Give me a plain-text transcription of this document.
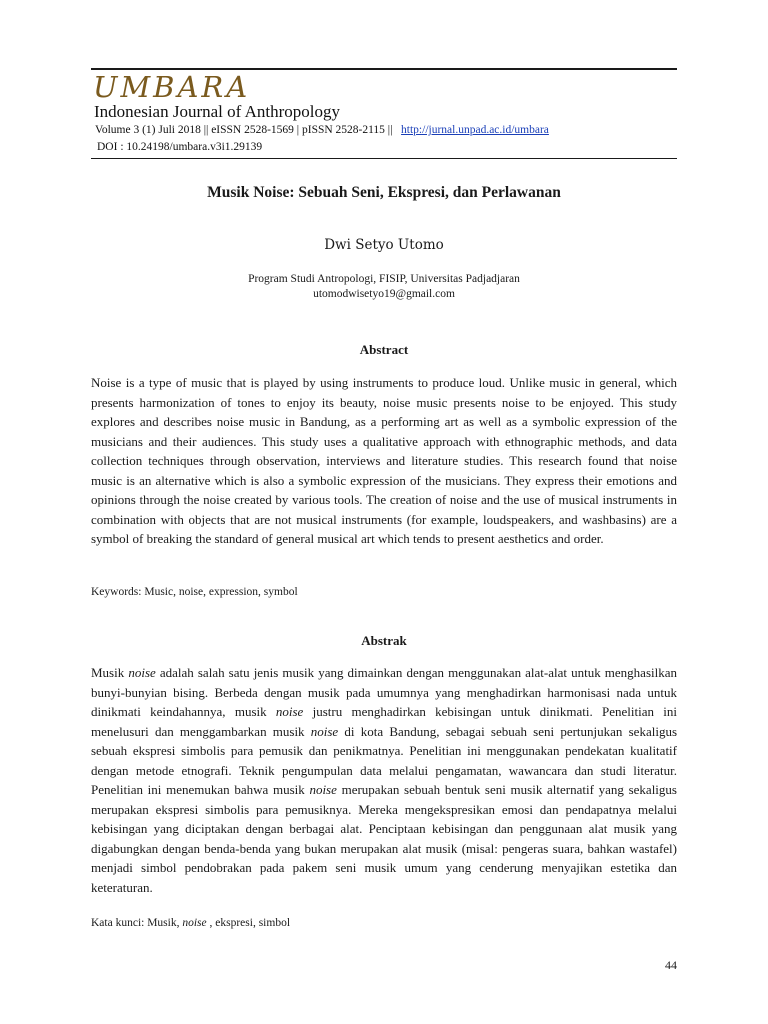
UMBARA
Indonesian Journal of Anthropology
Volume 3 (1) Juli 2018 || eISSN 2528-1569 | pISSN 2528-2115 || http://jurnal.unpad.ac.id/umbara
DOI : 10.24198/umbara.v3i1.29139
Musik Noise: Sebuah Seni, Ekspresi, dan Perlawanan
Dwi Setyo Utomo
Program Studi Antropologi, FISIP, Universitas Padjadjaran
utomodwisetyo19@gmail.com
Abstract

Noise is a type of music that is played by using instruments to produce loud. Unlike music in general, which presents harmonization of tones to enjoy its beauty, noise music presents noise to be enjoyed. This study explores and describes noise music in Bandung, as a performing art as well as a symbolic expression of the musicians and their audiences. This study uses a qualitative approach with ethnographic methods, and data collection techniques through observation, interviews and literature studies. This research found that noise music is an alternative which is also a symbolic expression of the musicians. They express their emotions and opinions through the noise created by various tools. The creation of noise and the use of musical instruments in combination with objects that are not musical instruments (for example, loudspeakers, and washbasins) are a symbol of breaking the standard of general musical art which tends to present aesthetics and order.

Keywords: Music, noise, expression, symbol
Abstrak

Musik noise adalah salah satu jenis musik yang dimainkan dengan menggunakan alat-alat untuk menghasilkan bunyi-bunyian bising. Berbeda dengan musik pada umumnya yang menghadirkan harmonisasi nada untuk dinikmati keindahannya, musik noise justru menghadirkan kebisingan untuk dinikmati. Penelitian ini menelusuri dan menggambarkan musik noise di kota Bandung, sebagai sebuah seni pertunjukan sekaligus sebuah ekspresi simbolis para pemusik dan penikmatnya. Penelitian ini menggunakan pendekatan kualitatif dengan metode etnografi. Teknik pengumpulan data melalui pengamatan, wawancara dan studi literatur. Penelitian ini menemukan bahwa musik noise merupakan sebuah bentuk seni musik alternatif yang sekaligus merupakan ekspresi simbolis para pemusiknya. Mereka mengekspresikan emosi dan pendapatnya melalui kebisingan yang diciptakan dengan berbagai alat. Penciptaan kebisingan dan penggunaan alat musik yang digabungkan dengan benda-benda yang bukan merupakan alat musik (misal: pengeras suara, bahkan wastafel) menjadi simbol pendobrakan pada pakem seni musik umum yang cenderung menyajikan estetika dan keteraturan.

Kata kunci: Musik, noise , ekspresi, simbol
44
